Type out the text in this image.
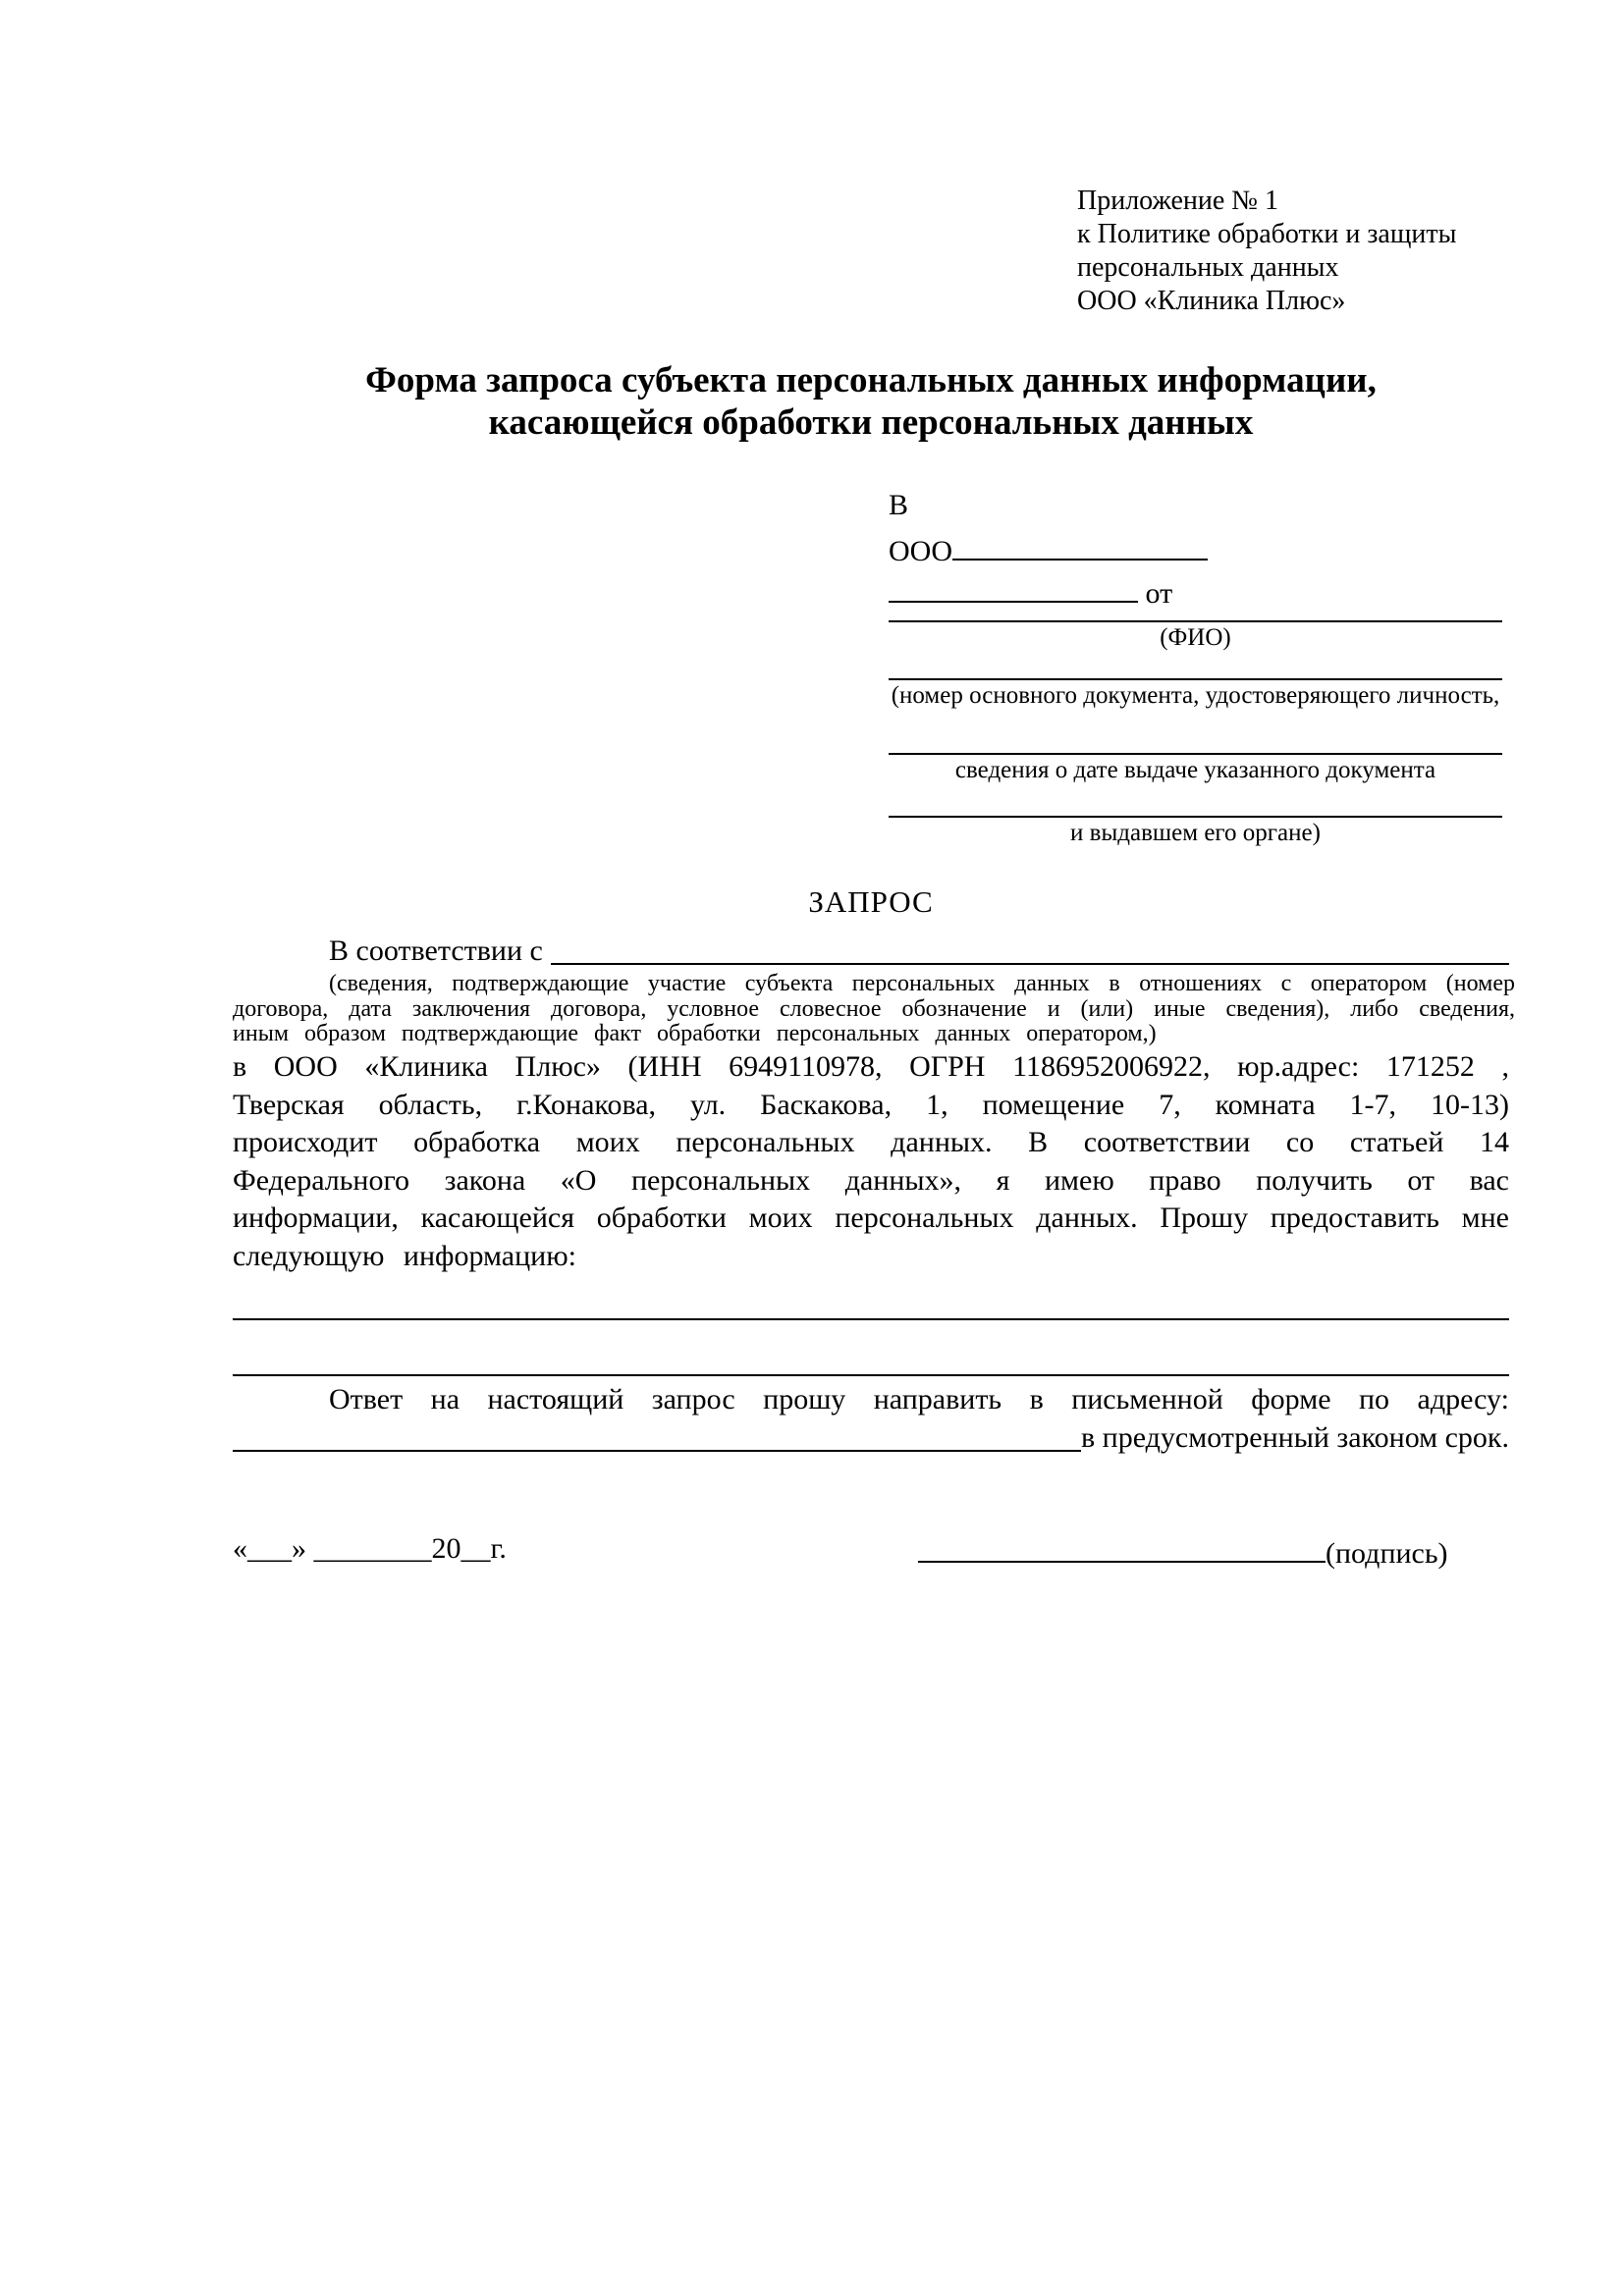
Приложение № 1
к Политике обработки и защиты
персональных данных
ООО «Клиника Плюс»
Форма запроса субъекта персональных данных информации,
касающейся обработки персональных данных
В
ООО
от
(ФИО)
(номер основного документа, удостоверяющего личность,
сведения о дате выдаче указанного документа
и выдавшем его органе)
ЗАПРОС
В соответствии с
(сведения, подтверждающие участие субъекта персональных данных в отношениях с оператором (номер договора, дата заключения договора, условное словесное обозначение и (или) иные сведения), либо сведения, иным образом подтверждающие факт обработки персональных данных оператором,)
в ООО «Клиника Плюс» (ИНН 6949110978, ОГРН 1186952006922, юр.адрес: 171252 , Тверская область, г.Конакова, ул. Баскакова, 1, помещение 7, комната 1-7, 10-13) происходит обработка моих персональных данных. В соответствии со статьей 14 Федерального закона «О персональных данных», я имею право получить от вас информации, касающейся обработки моих персональных данных. Прошу предоставить мне следующую информацию:
Ответ на настоящий запрос прошу направить в письменной форме по адресу:
в предусмотренный законом срок.
«___» ________20__г.	(подпись)
